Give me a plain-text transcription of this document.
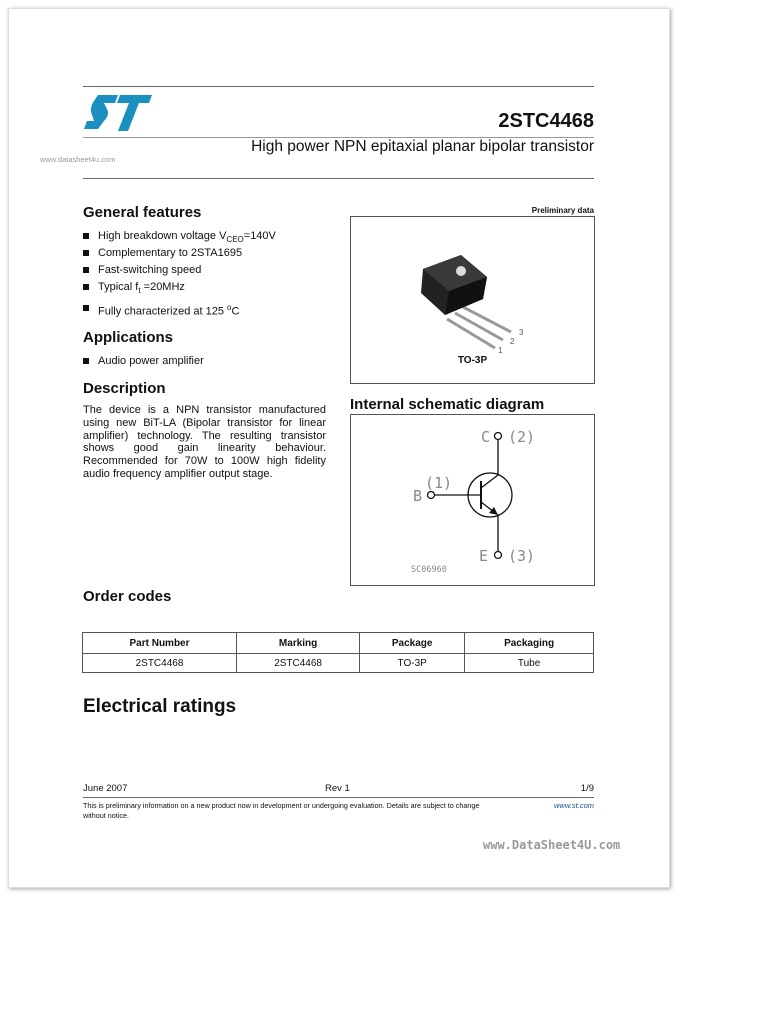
2STC4468
High power NPN epitaxial planar bipolar transistor
www.datasheet4u.com
General features
High breakdown voltage $V_{CEO}=140V$
Complementary to 2STA1695
Fast-switching speed
Typical $f_t =20MHz$
Fully characterized at 125 $^o$C
Applications
Audio power amplifier
Description
The device is a NPN transistor manufactured
using new BiT-LA (Bipolar transistor for linear
amplifier) technology. The resulting transistor
shows good gain linearity behaviour.
Recommended for 70W to 100W high fidelity
audio frequency amplifier output stage.
Preliminary data
3
2
1
TO-3P
Internal schematic diagram
C (2)
(1)
B
E (3)
SC06960
Order codes
Part Number	Marking	Package	Packaging
2STC4468	2STC4468	TO-3P	Tube
Electrical ratings
June 2007	Rev 1	1/9
This is preliminary information on a new product now in development or undergoing evaluation. Details are subject to change without notice.
www.st.com
www.DataSheet4U.com
